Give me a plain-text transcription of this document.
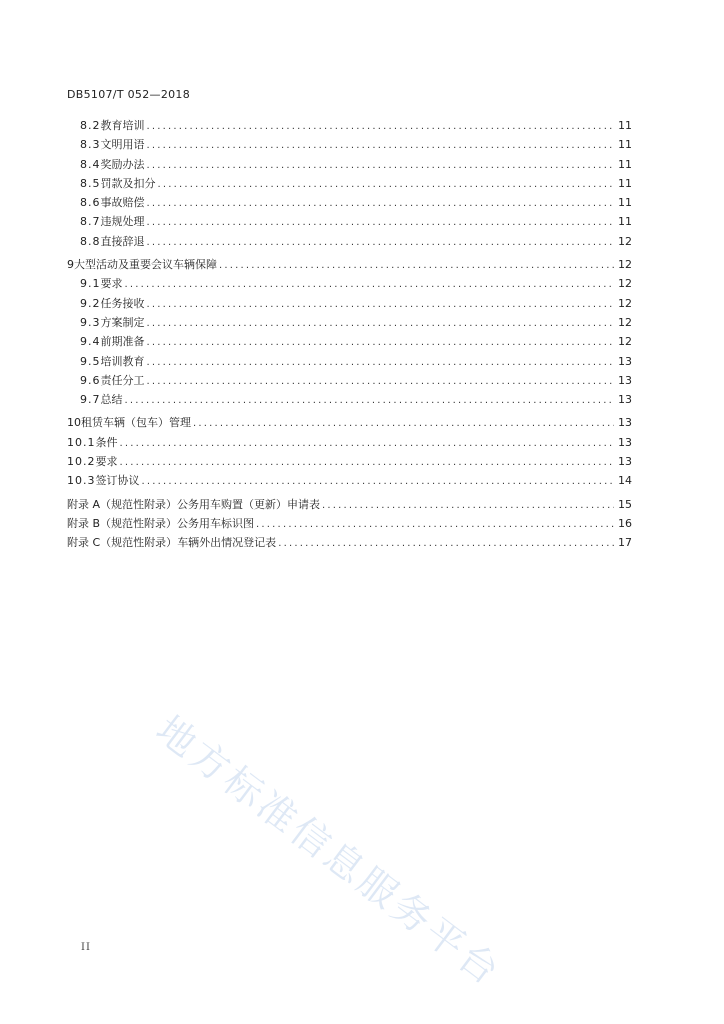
DB5107/T 052—2018
8.2 教育培训 .....	11
8.3 文明用语 .....	11
8.4 奖励办法 .....	11
8.5 罚款及扣分 .....	11
8.6 事故赔偿 .....	11
8.7 违规处理 .....	11
8.8 直接辞退 .....	12
9 大型活动及重要会议车辆保障 .....	12
9.1 要求 .....	12
9.2 任务接收 .....	12
9.3 方案制定 .....	12
9.4 前期准备 .....	12
9.5 培训教育 .....	13
9.6 责任分工 .....	13
9.7 总结 .....	13
10 租赁车辆（包车）管理 .....	13
10.1 条件 .....	13
10.2 要求 .....	13
10.3 签订协议 .....	14
附录 A（规范性附录） 公务用车购置（更新）申请表 .....	15
附录 B（规范性附录） 公务用车标识图 .....	16
附录 C（规范性附录） 车辆外出情况登记表 .....	17
II 地方标准信息服务平台
